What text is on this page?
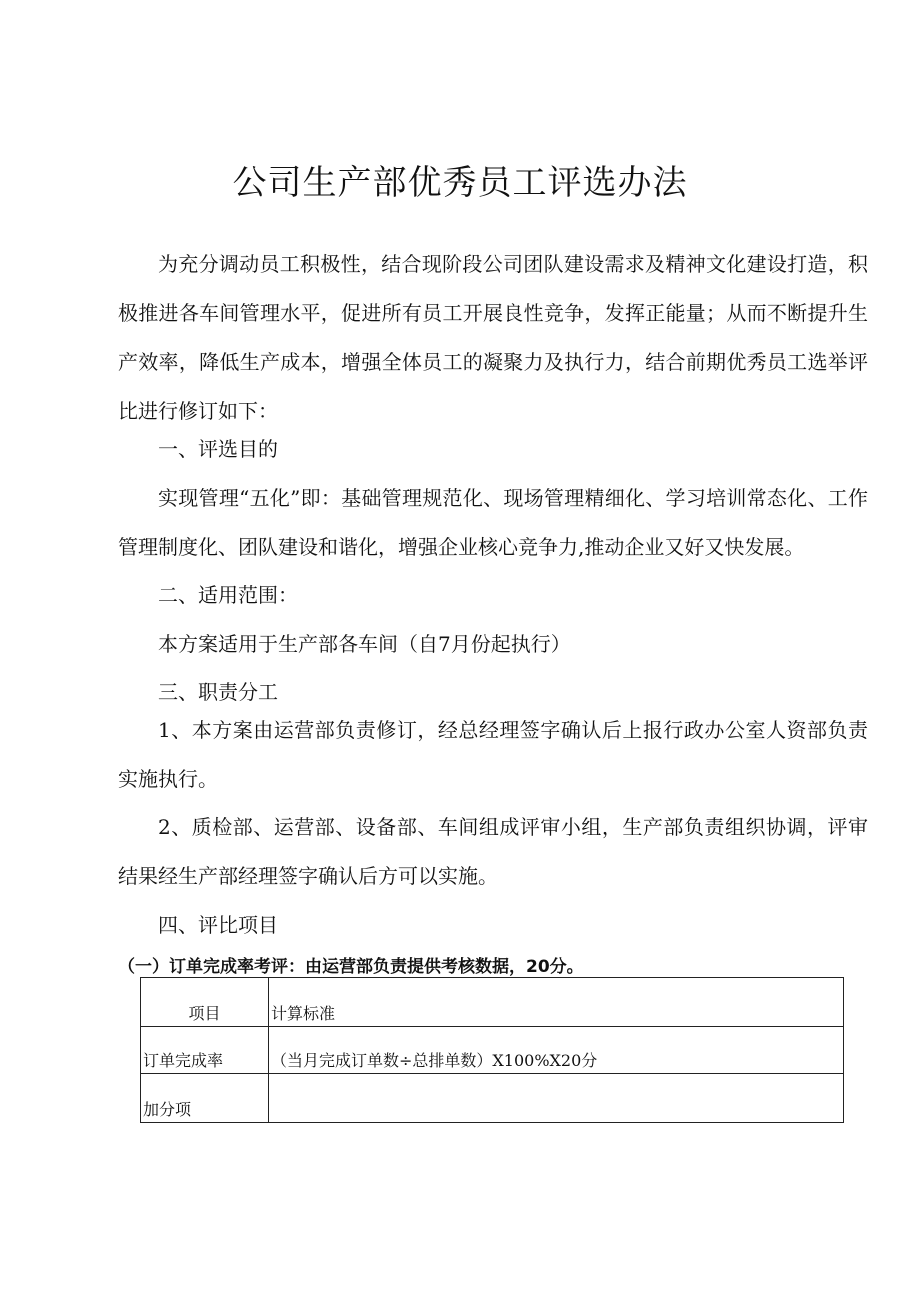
公司生产部优秀员工评选办法

为充分调动员工积极性，结合现阶段公司团队建设需求及精神文化建设打造，积极推进各车间管理水平，促进所有员工开展良性竞争，发挥正能量；从而不断提升生产效率，降低生产成本，增强全体员工的凝聚力及执行力，结合前期优秀员工选举评比进行修订如下：

一、评选目的

实现管理“五化”即：基础管理规范化、现场管理精细化、学习培训常态化、工作管理制度化、团队建设和谐化，增强企业核心竞争力,推动企业又好又快发展。

二、适用范围：

本方案适用于生产部各车间（自7月份起执行）

三、职责分工

1、本方案由运营部负责修订，经总经理签字确认后上报行政办公室人资部负责实施执行。

2、质检部、运营部、设备部、车间组成评审小组，生产部负责组织协调，评审结果经生产部经理签字确认后方可以实施。

四、评比项目

（一）订单完成率考评：由运营部负责提供考核数据，20分。

项目	计算标准
订单完成率	（当月完成订单数÷总排单数）X100%X20分
加分项	
